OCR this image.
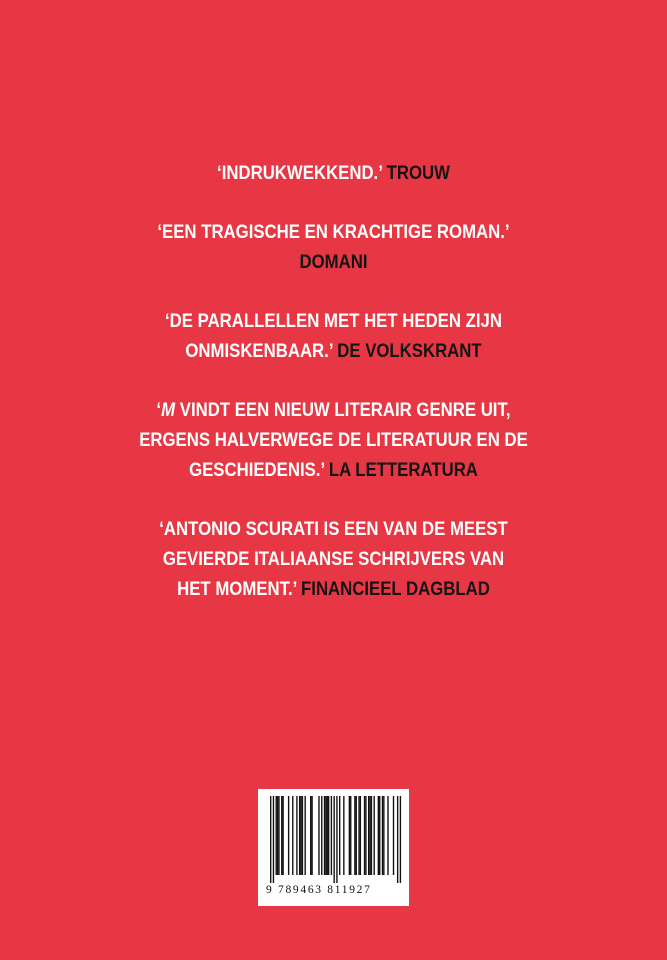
‘INDRUKWEKKEND.’ TROUW
‘EEN TRAGISCHE EN KRACHTIGE ROMAN.’
DOMANI
‘DE PARALLELLEN MET HET HEDEN ZIJN
ONMISKENBAAR.’ DE VOLKSKRANT
‘M VINDT EEN NIEUW LITERAIR GENRE UIT,
ERGENS HALVERWEGE DE LITERATUUR EN DE
GESCHIEDENIS.’ LA LETTERATURA
‘ANTONIO SCURATI IS EEN VAN DE MEEST
GEVIERDE ITALIAANSE SCHRIJVERS VAN
HET MOMENT.’ FINANCIEEL DAGBLAD
9 789463 811927
